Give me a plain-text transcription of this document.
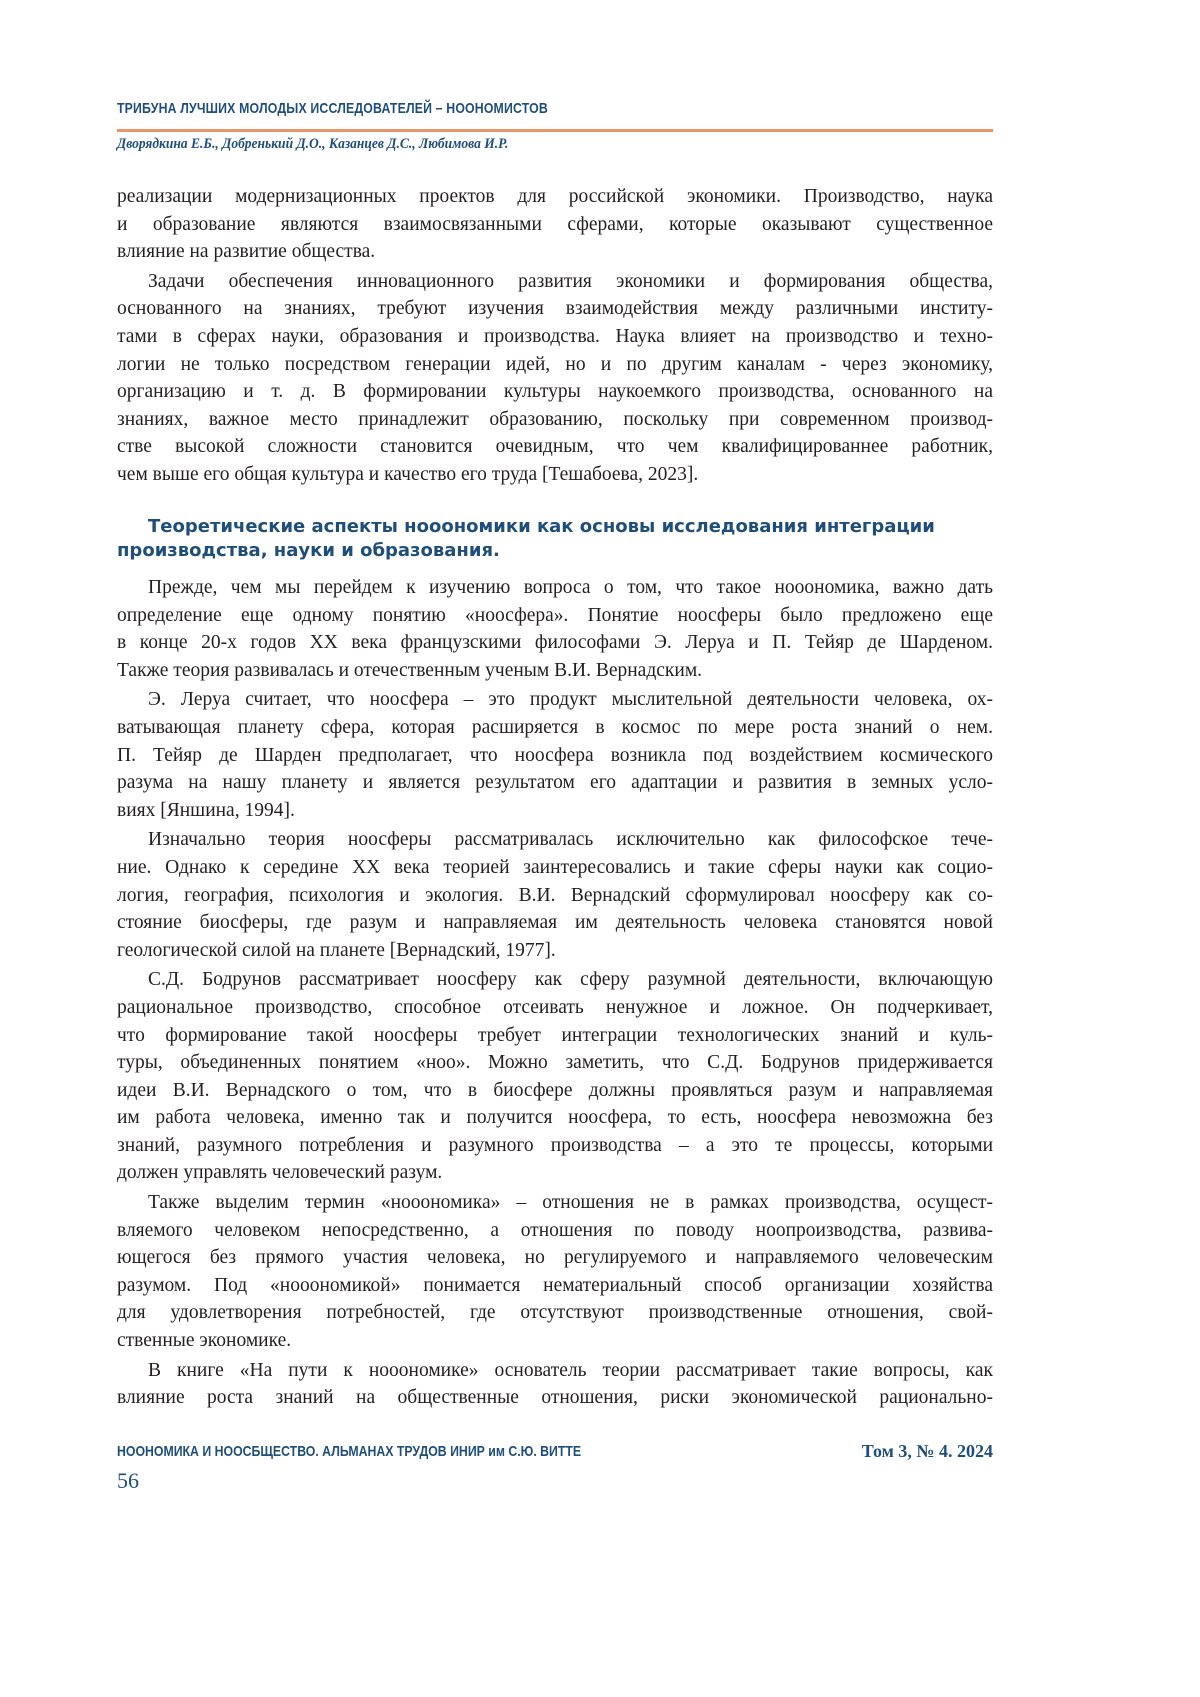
ТРИБУНА ЛУЧШИХ МОЛОДЫХ ИССЛЕДОВАТЕЛЕЙ – НООНОМИСТОВ
Дворядкина Е.Б., Добренький Д.О., Казанцев Д.С., Любимова И.Р.
реализации модернизационных проектов для российской экономики. Производство, наука
и образование являются взаимосвязанными сферами, которые оказывают существенное
влияние на развитие общества.
Задачи обеспечения инновационного развития экономики и формирования общества,
основанного на знаниях, требуют изучения взаимодействия между различными институ-
тами в сферах науки, образования и производства. Наука влияет на производство и техно-
логии не только посредством генерации идей, но и по другим каналам - через экономику,
организацию и т. д. В формировании культуры наукоемкого производства, основанного на
знаниях, важное место принадлежит образованию, поскольку при современном производ-
стве высокой сложности становится очевидным, что чем квалифицированнее работник,
чем выше его общая культура и качество его труда [Тешабоева, 2023].
Теоретические аспекты нооономики как основы исследования интеграции
производства, науки и образования.
Прежде, чем мы перейдем к изучению вопроса о том, что такое нооономика, важно дать
определение еще одному понятию «ноосфера». Понятие ноосферы было предложено еще
в конце 20-х годов XX века французскими философами Э. Леруа и П. Тейяр де Шарденом.
Также теория развивалась и отечественным ученым В.И. Вернадским.
Э. Леруа считает, что ноосфера – это продукт мыслительной деятельности человека, ох-
ватывающая планету сфера, которая расширяется в космос по мере роста знаний о нем.
П. Тейяр де Шарден предполагает, что ноосфера возникла под воздействием космического
разума на нашу планету и является результатом его адаптации и развития в земных усло-
виях [Яншина, 1994].
Изначально теория ноосферы рассматривалась исключительно как философское тече-
ние. Однако к середине XX века теорией заинтересовались и такие сферы науки как социо-
логия, география, психология и экология. В.И. Вернадский сформулировал ноосферу как со-
стояние биосферы, где разум и направляемая им деятельность человека становятся новой
геологической силой на планете [Вернадский, 1977].
С.Д. Бодрунов рассматривает ноосферу как сферу разумной деятельности, включающую
рациональное производство, способное отсеивать ненужное и ложное. Он подчеркивает,
что формирование такой ноосферы требует интеграции технологических знаний и куль-
туры, объединенных понятием «ноо». Можно заметить, что С.Д. Бодрунов придерживается
идеи В.И. Вернадского о том, что в биосфере должны проявляться разум и направляемая
им работа человека, именно так и получится ноосфера, то есть, ноосфера невозможна без
знаний, разумного потребления и разумного производства – а это те процессы, которыми
должен управлять человеческий разум.
Также выделим термин «нооономика» – отношения не в рамках производства, осущест-
вляемого человеком непосредственно, а отношения по поводу ноопроизводства, развива-
ющегося без прямого участия человека, но регулируемого и направляемого человеческим
разумом. Под «нооономикой» понимается нематериальный способ организации хозяйства
для удовлетворения потребностей, где отсутствуют производственные отношения, свой-
ственные экономике.
В книге «На пути к нооономике» основатель теории рассматривает такие вопросы, как
влияние роста знаний на общественные отношения, риски экономической рационально-
НООНОМИКА И НООСБЩЕСТВО. АЛЬМАНАХ ТРУДОВ ИНИР им С.Ю. ВИТТЕ	Том 3, № 4. 2024
56
